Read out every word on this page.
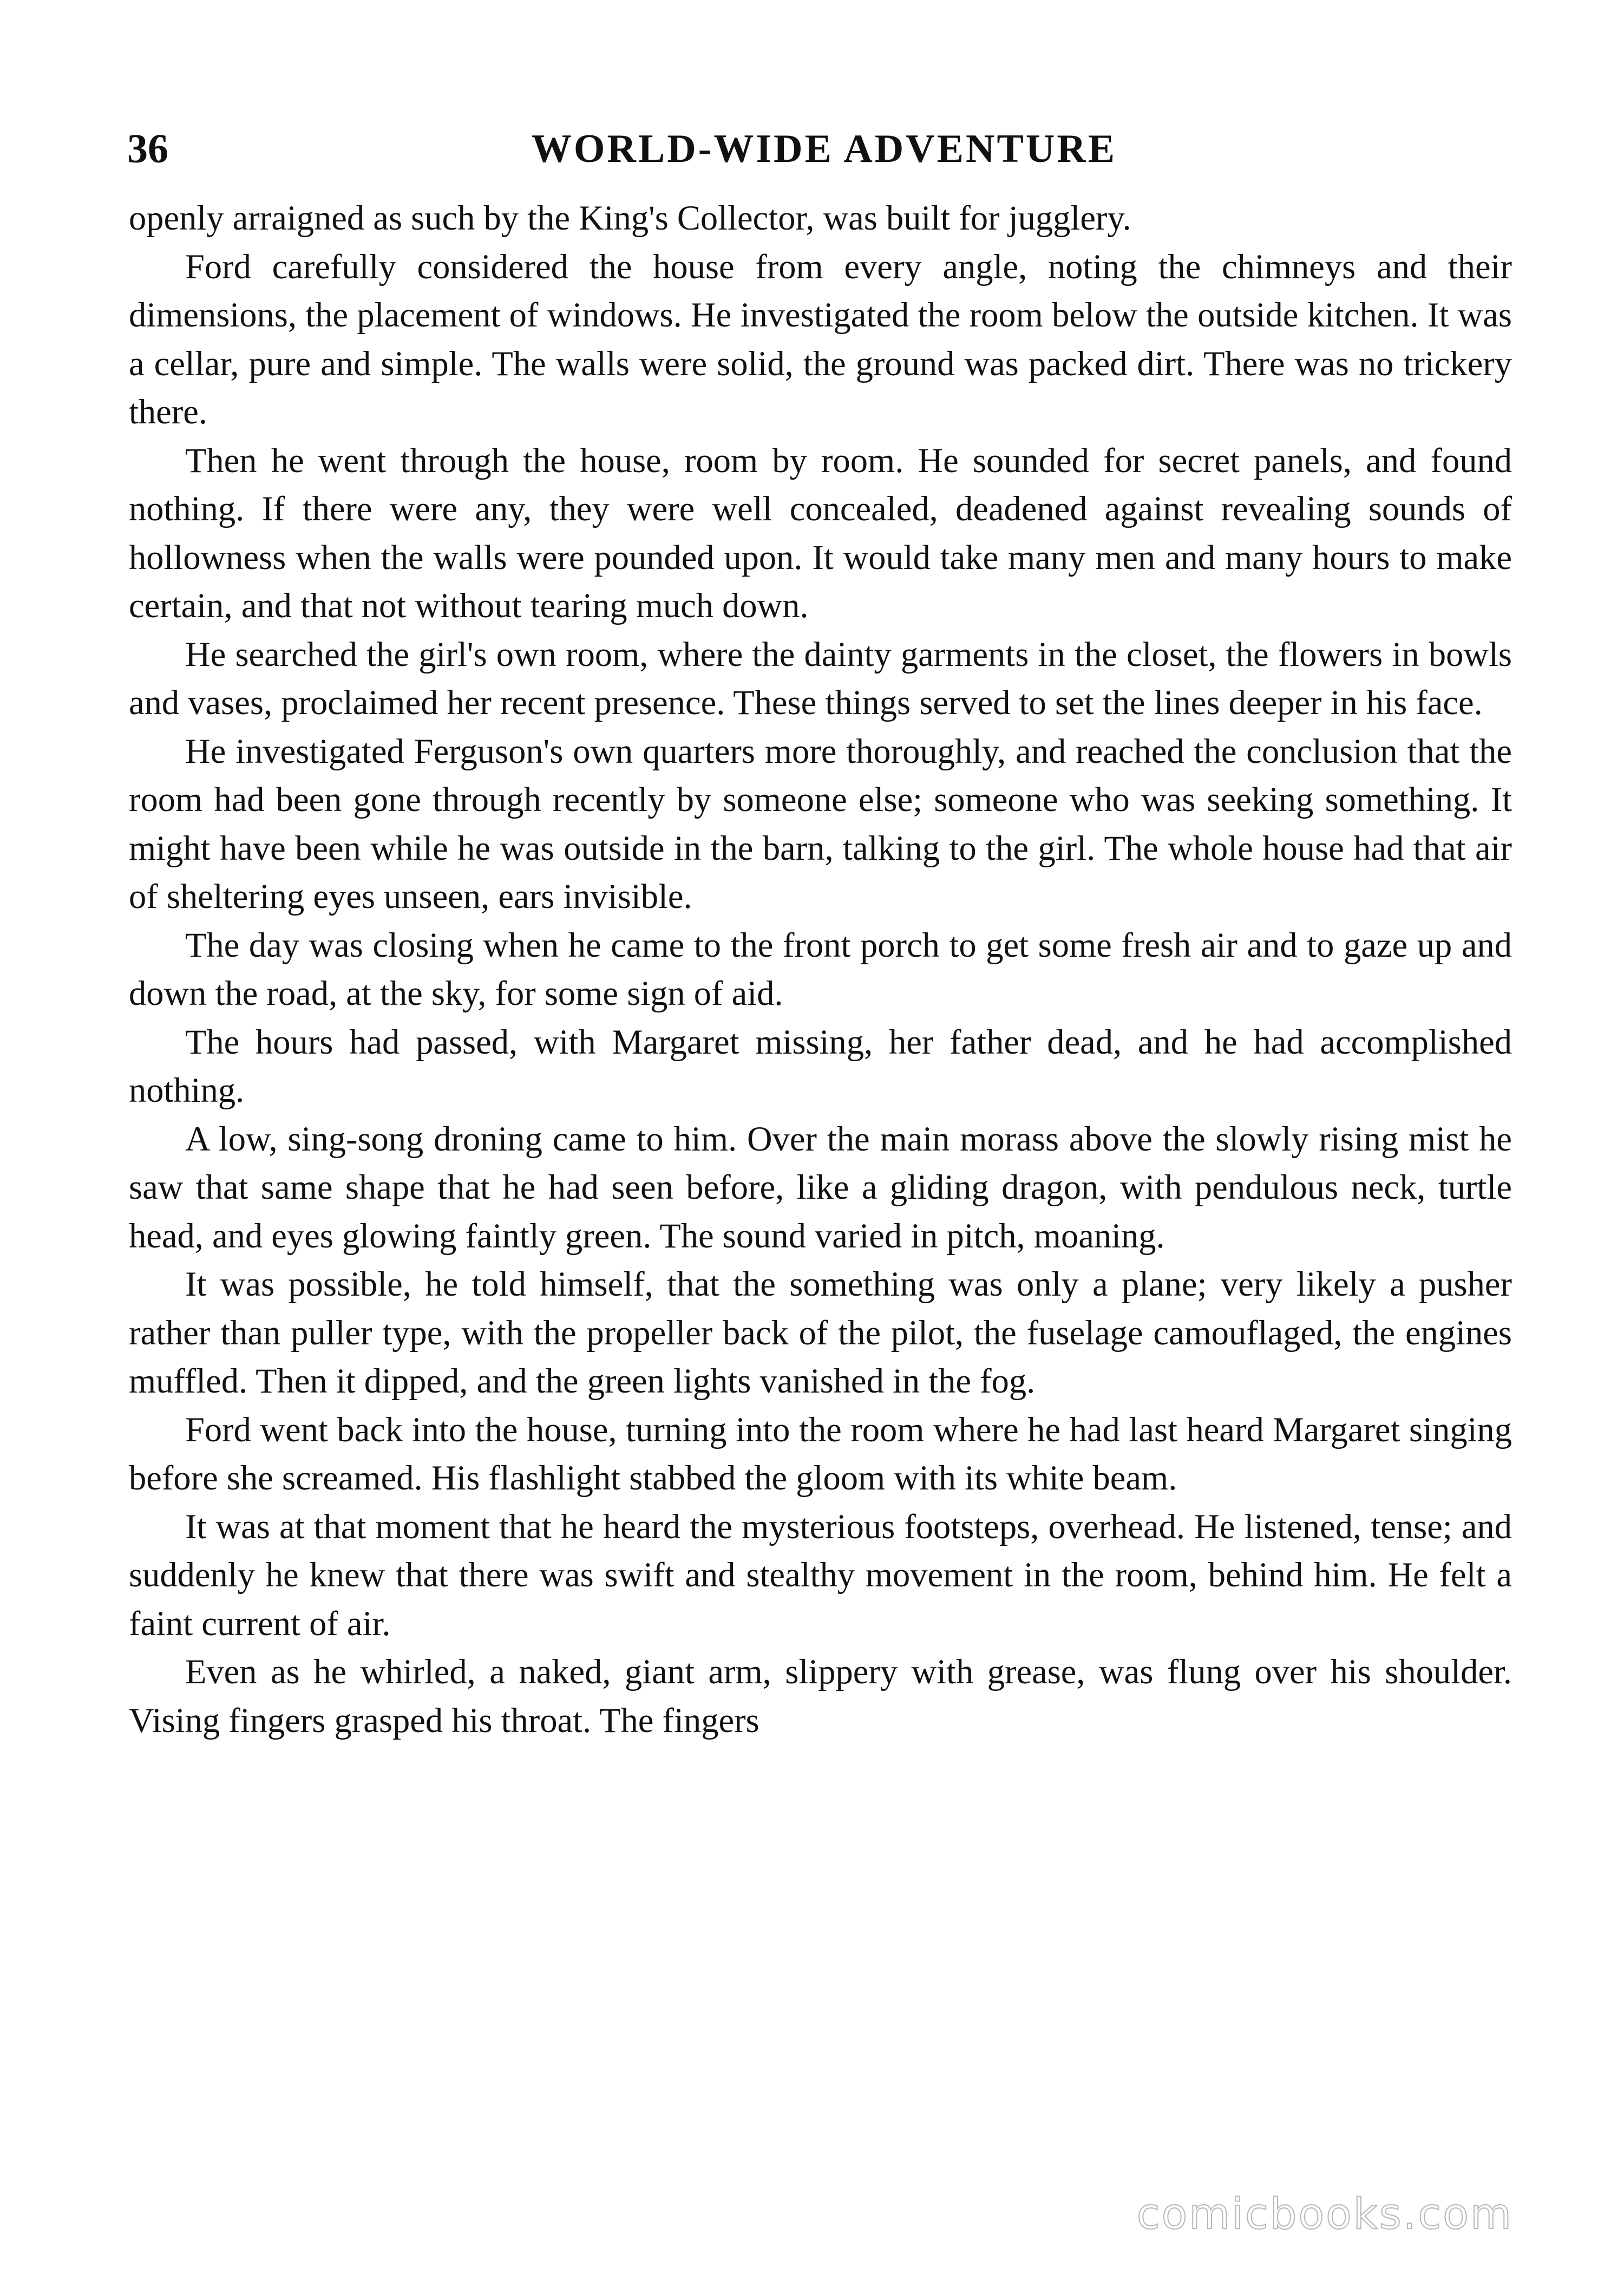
36	WORLD-WIDE ADVENTURE

openly arraigned as such by the King's Collector, was built for jugglery.

Ford carefully considered the house from every angle, noting the chimneys and their dimensions, the placement of windows. He investigated the room below the outside kitchen. It was a cellar, pure and simple. The walls were solid, the ground was packed dirt. There was no trickery there.

Then he went through the house, room by room. He sounded for secret panels, and found nothing. If there were any, they were well concealed, deadened against revealing sounds of hollowness when the walls were pounded upon. It would take many men and many hours to make certain, and that not without tearing much down.

He searched the girl's own room, where the dainty garments in the closet, the flowers in bowls and vases, proclaimed her recent presence. These things served to set the lines deeper in his face.

He investigated Ferguson's own quarters more thoroughly, and reached the conclusion that the room had been gone through recently by someone else; someone who was seeking something. It might have been while he was outside in the barn, talking to the girl. The whole house had that air of sheltering eyes unseen, ears invisible.

The day was closing when he came to the front porch to get some fresh air and to gaze up and down the road, at the sky, for some sign of aid.

The hours had passed, with Margaret missing, her father dead, and he had accomplished nothing.

A low, sing-song droning came to him. Over the main morass above the slowly rising mist he saw that same shape that he had seen before, like a gliding dragon, with pendulous neck, turtle head, and eyes glowing faintly green. The sound varied in pitch, moaning.

It was possible, he told himself, that the something was only a plane; very likely a pusher rather than puller type, with the propeller back of the pilot, the fuselage camouflaged, the engines muffled. Then it dipped, and the green lights vanished in the fog.

Ford went back into the house, turning into the room where he had last heard Margaret singing before she screamed. His flashlight stabbed the gloom with its white beam.

It was at that moment that he heard the mysterious footsteps, overhead. He listened, tense; and suddenly he knew that there was swift and stealthy movement in the room, behind him. He felt a faint current of air.

Even as he whirled, a naked, giant arm, slippery with grease, was flung over his shoulder. Vising fingers grasped his throat. The fingers

comicbooks.com
